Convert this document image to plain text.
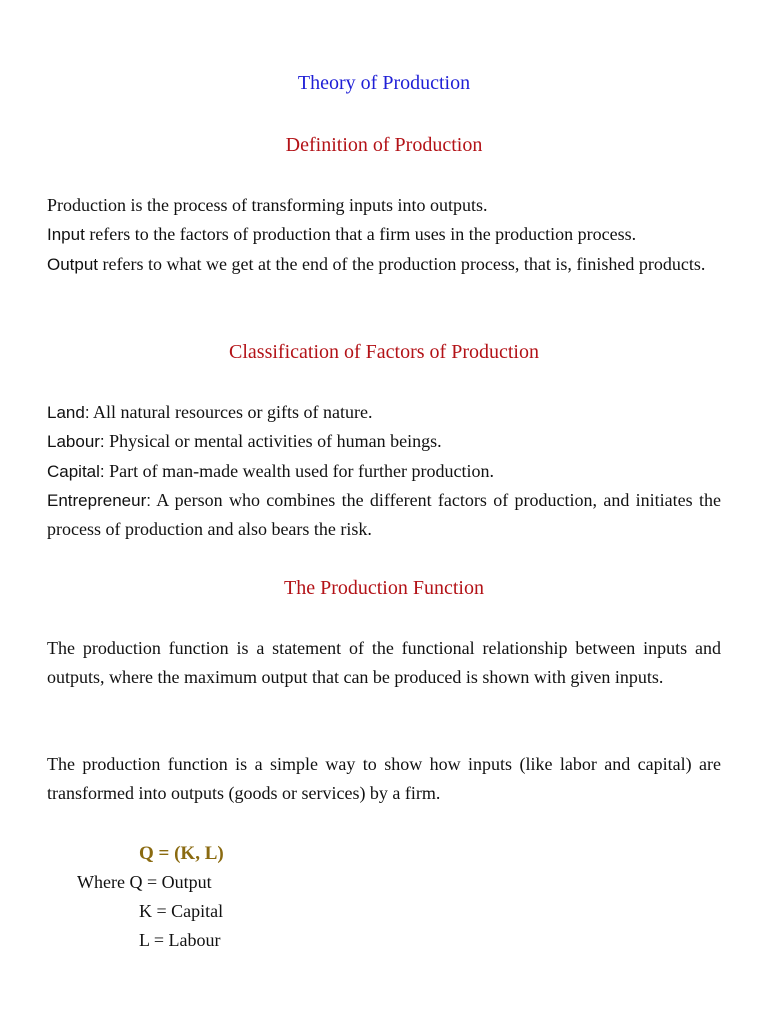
Theory of Production
Definition of Production
Production is the process of transforming inputs into outputs.
Input refers to the factors of production that a firm uses in the production process.
Output refers to what we get at the end of the production process, that is, finished products.
Classification of Factors of Production
Land: All natural resources or gifts of nature.
Labour: Physical or mental activities of human beings.
Capital: Part of man-made wealth used for further production.
Entrepreneur: A person who combines the different factors of production, and initiates the process of production and also bears the risk.
The Production Function

The production function is a statement of the functional relationship between inputs and outputs, where the maximum output that can be produced is shown with given inputs.

The production function is a simple way to show how inputs (like labor and capital) are transformed into outputs (goods or services) by a firm.

Q = (K, L)

Where Q = Output
K = Capital
L = Labour
